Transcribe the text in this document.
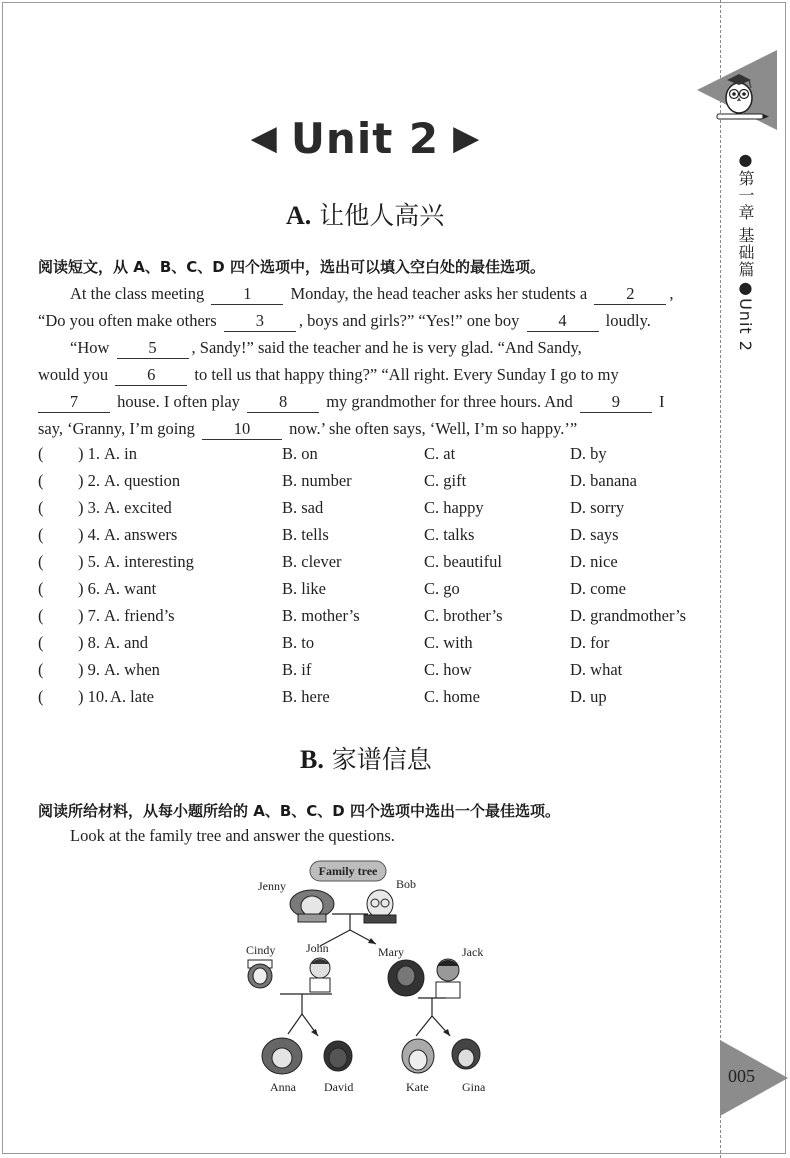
●第一章 基础篇●Unit 2
005
◀ Unit 2 ▶
A. 让他人高兴
阅读短文，从 A、B、C、D 四个选项中，选出可以填入空白处的最佳选项。
At the class meeting 1 Monday, the head teacher asks her students a 2 ,
“Do you often make others 3 , boys and girls?” “Yes!” one boy 4 loudly.
“How 5 , Sandy!” said the teacher and he is very glad. “And Sandy,
would you 6 to tell us that happy thing?” “All right. Every Sunday I go to my
7 house. I often play 8 my grandmother for three hours. And 9 I
say, ‘Granny, I’m going 10 now.’ she often says, ‘Well, I’m so happy.’”
( ) 1. A. in	B. on	C. at	D. by
( ) 2. A. question	B. number	C. gift	D. banana
( ) 3. A. excited	B. sad	C. happy	D. sorry
( ) 4. A. answers	B. tells	C. talks	D. says
( ) 5. A. interesting	B. clever	C. beautiful	D. nice
( ) 6. A. want	B. like	C. go	D. come
( ) 7. A. friend’s	B. mother’s	C. brother’s	D. grandmother’s
( ) 8. A. and	B. to	C. with	D. for
( ) 9. A. when	B. if	C. how	D. what
( ) 10. A. late	B. here	C. home	D. up
B. 家谱信息
阅读所给材料，从每小题所给的 A、B、C、D 四个选项中选出一个最佳选项。
Look at the family tree and answer the questions.
Family tree
Jenny	Bob
Cindy	John	Mary	Jack
Anna David	Kate	Gina
